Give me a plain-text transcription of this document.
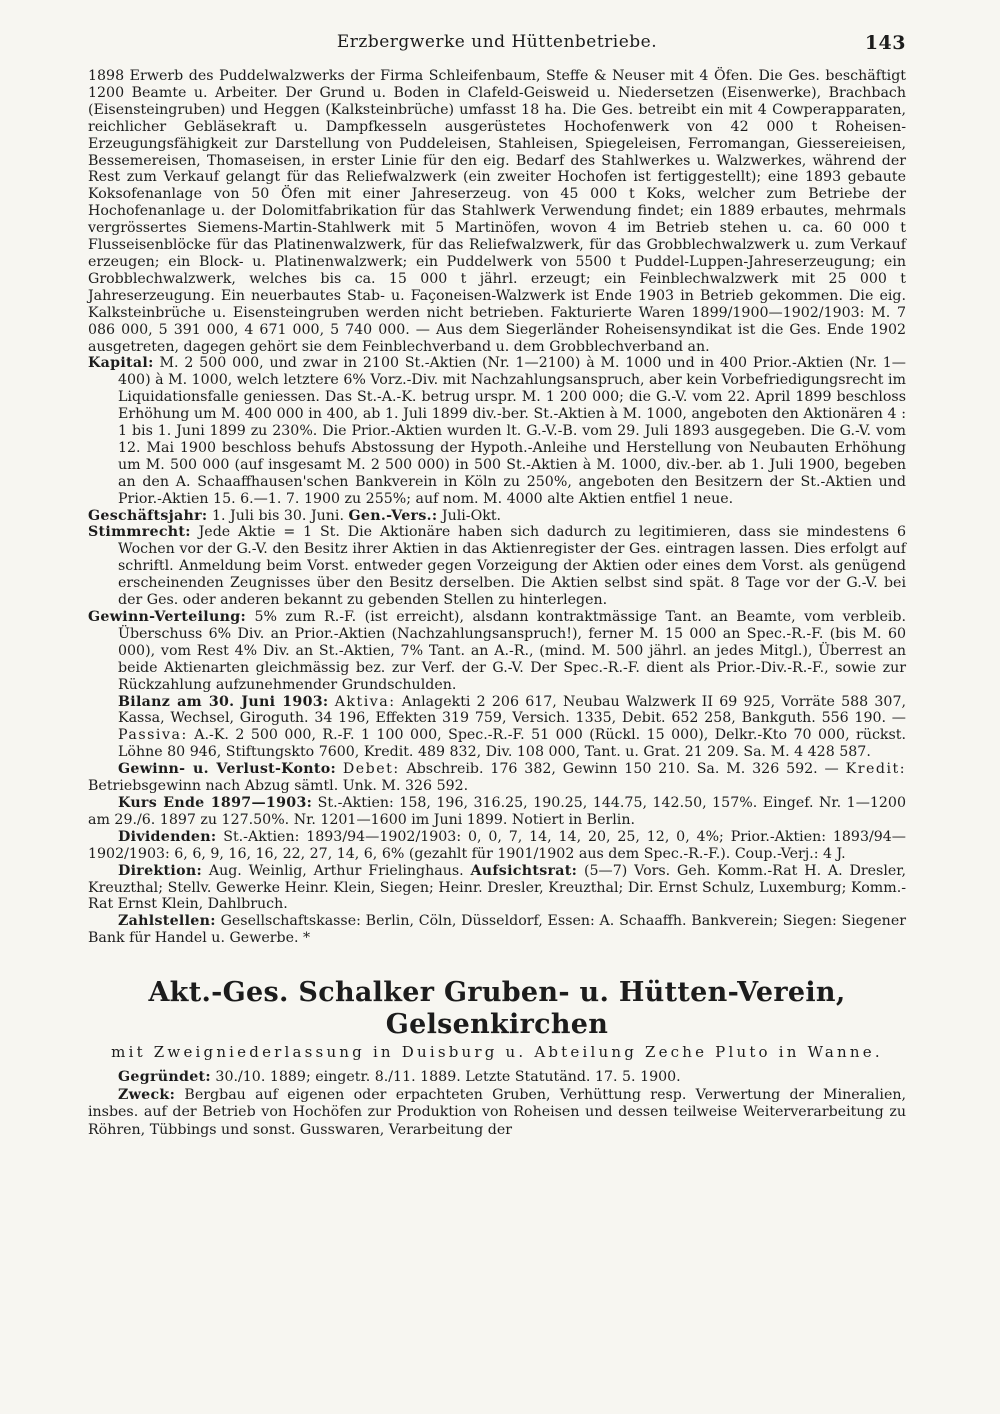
Erzbergwerke und Hüttenbetriebe.	143

1898 Erwerb des Puddelwalzwerks der Firma Schleifenbaum, Steffe & Neuser mit 4 Öfen. Die Ges. beschäftigt 1200 Beamte u. Arbeiter. Der Grund u. Boden in Clafeld-Geisweid u. Niedersetzen (Eisenwerke), Brachbach (Eisensteingruben) und Heggen (Kalksteinbrüche) umfasst 18 ha. Die Ges. betreibt ein mit 4 Cowperapparaten, reichlicher Gebläsekraft u. Dampfkesseln ausgerüstetes Hochofenwerk von 42 000 t Roheisen-Erzeugungsfähigkeit zur Darstellung von Puddeleisen, Stahleisen, Spiegeleisen, Ferromangan, Giessereieisen, Bessemereisen, Thomaseisen, in erster Linie für den eig. Bedarf des Stahlwerkes u. Walzwerkes, während der Rest zum Verkauf gelangt für das Reliefwalzwerk (ein zweiter Hochofen ist fertiggestellt); eine 1893 gebaute Koksofenanlage von 50 Öfen mit einer Jahreserzeug. von 45 000 t Koks, welcher zum Betriebe der Hochofenanlage u. der Dolomitfabrikation für das Stahlwerk Verwendung findet; ein 1889 erbautes, mehrmals vergrössertes Siemens-Martin-Stahlwerk mit 5 Martinöfen, wovon 4 im Betrieb stehen u. ca. 60 000 t Flusseisenblöcke für das Platinenwalzwerk, für das Reliefwalzwerk, für das Grobblechwalzwerk u. zum Verkauf erzeugen; ein Block- u. Platinenwalzwerk; ein Puddelwerk von 5500 t Puddel-Luppen-Jahreserzeugung; ein Grobblechwalzwerk, welches bis ca. 15 000 t jährl. erzeugt; ein Feinblechwalzwerk mit 25 000 t Jahreserzeugung. Ein neuerbautes Stab- u. Façoneisen-Walzwerk ist Ende 1903 in Betrieb gekommen. Die eig. Kalksteinbrüche u. Eisensteingruben werden nicht betrieben. Fakturierte Waren 1899/1900—1902/1903: M. 7 086 000, 5 391 000, 4 671 000, 5 740 000. — Aus dem Siegerländer Roheisensyndikat ist die Ges. Ende 1902 ausgetreten, dagegen gehört sie dem Feinblechverband u. dem Grobblechverband an.

Kapital: M. 2 500 000, und zwar in 2100 St.-Aktien (Nr. 1—2100) à M. 1000 und in 400 Prior.-Aktien (Nr. 1—400) à M. 1000, welch letztere 6% Vorz.-Div. mit Nachzahlungsanspruch, aber kein Vorbefriedigungsrecht im Liquidationsfalle geniessen. Das St.-A.-K. betrug urspr. M. 1 200 000; die G.-V. vom 22. April 1899 beschloss Erhöhung um M. 400 000 in 400, ab 1. Juli 1899 div.-ber. St.-Aktien à M. 1000, angeboten den Aktionären 4 : 1 bis 1. Juni 1899 zu 230%. Die Prior.-Aktien wurden lt. G.-V.-B. vom 29. Juli 1893 ausgegeben. Die G.-V. vom 12. Mai 1900 beschloss behufs Abstossung der Hypoth.-Anleihe und Herstellung von Neubauten Erhöhung um M. 500 000 (auf insgesamt M. 2 500 000) in 500 St.-Aktien à M. 1000, div.-ber. ab 1. Juli 1900, begeben an den A. Schaaffhausen'schen Bankverein in Köln zu 250%, angeboten den Besitzern der St.-Aktien und Prior.-Aktien 15. 6.—1. 7. 1900 zu 255%; auf nom. M. 4000 alte Aktien entfiel 1 neue.

Geschäftsjahr: 1. Juli bis 30. Juni. Gen.-Vers.: Juli-Okt.

Stimmrecht: Jede Aktie = 1 St. Die Aktionäre haben sich dadurch zu legitimieren, dass sie mindestens 6 Wochen vor der G.-V. den Besitz ihrer Aktien in das Aktienregister der Ges. eintragen lassen. Dies erfolgt auf schriftl. Anmeldung beim Vorst. entweder gegen Vorzeigung der Aktien oder eines dem Vorst. als genügend erscheinenden Zeugnisses über den Besitz derselben. Die Aktien selbst sind spät. 8 Tage vor der G.-V. bei der Ges. oder anderen bekannt zu gebenden Stellen zu hinterlegen.

Gewinn-Verteilung: 5% zum R.-F. (ist erreicht), alsdann kontraktmässige Tant. an Beamte, vom verbleib. Überschuss 6% Div. an Prior.-Aktien (Nachzahlungsanspruch!), ferner M. 15 000 an Spec.-R.-F. (bis M. 60 000), vom Rest 4% Div. an St.-Aktien, 7% Tant. an A.-R., (mind. M. 500 jährl. an jedes Mitgl.), Überrest an beide Aktienarten gleichmässig bez. zur Verf. der G.-V. Der Spec.-R.-F. dient als Prior.-Div.-R.-F., sowie zur Rückzahlung aufzunehmender Grundschulden.

Bilanz am 30. Juni 1903: Aktiva: Anlagekti 2 206 617, Neubau Walzwerk II 69 925, Vorräte 588 307, Kassa, Wechsel, Giroguth. 34 196, Effekten 319 759, Versich. 1335, Debit. 652 258, Bankguth. 556 190. — Passiva: A.-K. 2 500 000, R.-F. 1 100 000, Spec.-R.-F. 51 000 (Rückl. 15 000), Delkr.-Kto 70 000, rückst. Löhne 80 946, Stiftungskto 7600, Kredit. 489 832, Div. 108 000, Tant. u. Grat. 21 209. Sa. M. 4 428 587.

Gewinn- u. Verlust-Konto: Debet: Abschreib. 176 382, Gewinn 150 210. Sa. M. 326 592. — Kredit: Betriebsgewinn nach Abzug sämtl. Unk. M. 326 592.

Kurs Ende 1897—1903: St.-Aktien: 158, 196, 316.25, 190.25, 144.75, 142.50, 157%. Eingef. Nr. 1—1200 am 29./6. 1897 zu 127.50%. Nr. 1201—1600 im Juni 1899. Notiert in Berlin.

Dividenden: St.-Aktien: 1893/94—1902/1903: 0, 0, 7, 14, 14, 20, 25, 12, 0, 4%; Prior.-Aktien: 1893/94—1902/1903: 6, 6, 9, 16, 16, 22, 27, 14, 6, 6% (gezahlt für 1901/1902 aus dem Spec.-R.-F.). Coup.-Verj.: 4 J.

Direktion: Aug. Weinlig, Arthur Frielinghaus. Aufsichtsrat: (5—7) Vors. Geh. Komm.-Rat H. A. Dresler, Kreuzthal; Stellv. Gewerke Heinr. Klein, Siegen; Heinr. Dresler, Kreuzthal; Dir. Ernst Schulz, Luxemburg; Komm.-Rat Ernst Klein, Dahlbruch.

Zahlstellen: Gesellschaftskasse: Berlin, Cöln, Düsseldorf, Essen: A. Schaaffh. Bankverein; Siegen: Siegener Bank für Handel u. Gewerbe. *

Akt.-Ges. Schalker Gruben- u. Hütten-Verein, Gelsenkirchen
mit Zweigniederlassung in Duisburg u. Abteilung Zeche Pluto in Wanne.

Gegründet: 30./10. 1889; eingetr. 8./11. 1889. Letzte Statutänd. 17. 5. 1900.

Zweck: Bergbau auf eigenen oder erpachteten Gruben, Verhüttung resp. Verwertung der Mineralien, insbes. auf der Betrieb von Hochöfen zur Produktion von Roheisen und dessen teilweise Weiterverarbeitung zu Röhren, Tübbings und sonst. Gusswaren, Verarbeitung der
